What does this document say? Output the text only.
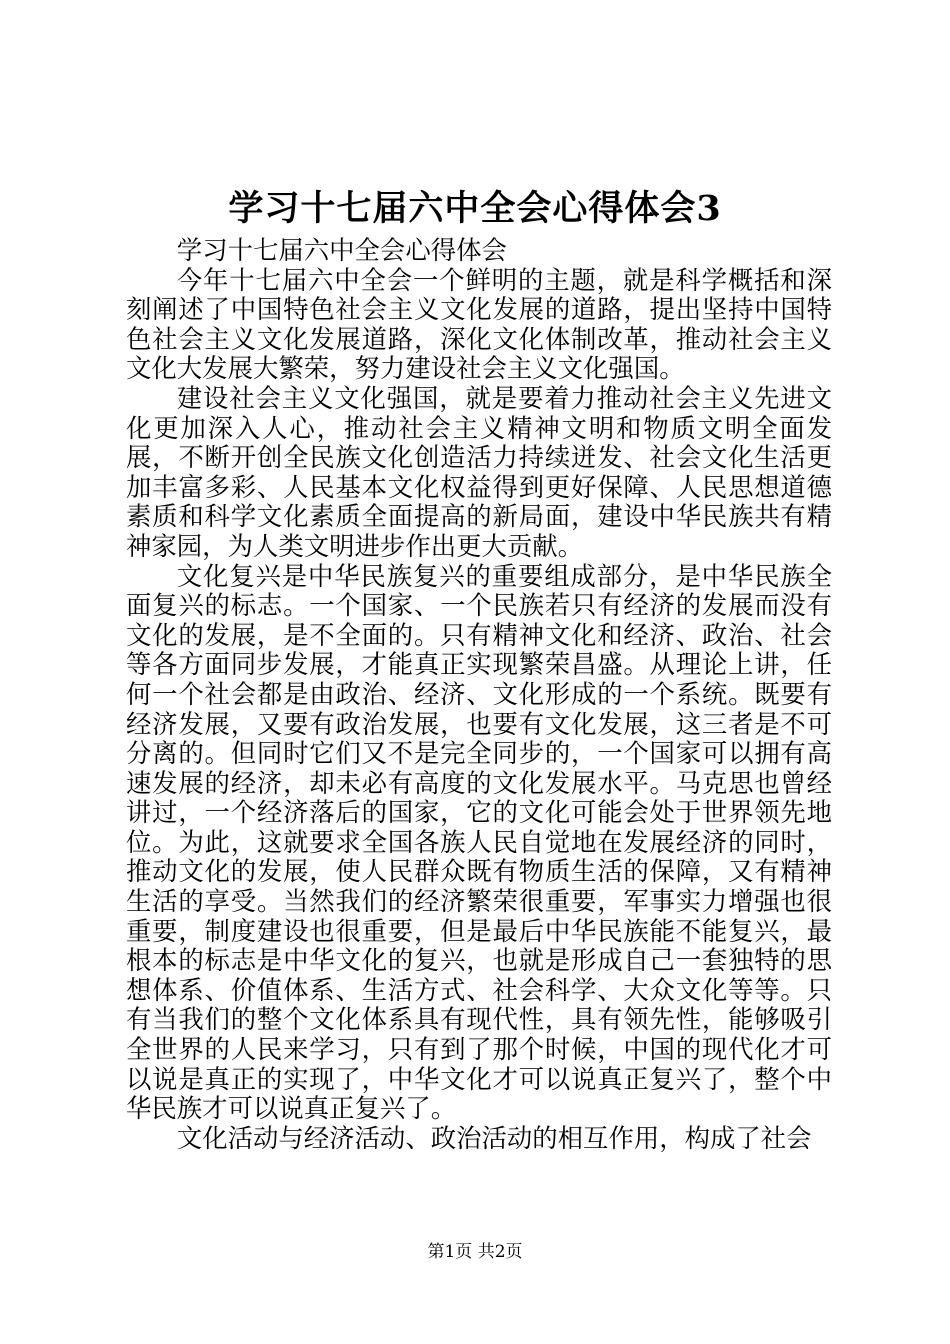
学习十七届六中全会心得体会3

学习十七届六中全会心得体会

今年十七届六中全会一个鲜明的主题，就是科学概括和深刻阐述了中国特色社会主义文化发展的道路，提出坚持中国特色社会主义文化发展道路，深化文化体制改革，推动社会主义文化大发展大繁荣，努力建设社会主义文化强国。

建设社会主义文化强国，就是要着力推动社会主义先进文化更加深入人心，推动社会主义精神文明和物质文明全面发展，不断开创全民族文化创造活力持续迸发、社会文化生活更加丰富多彩、人民基本文化权益得到更好保障、人民思想道德素质和科学文化素质全面提高的新局面，建设中华民族共有精神家园，为人类文明进步作出更大贡献。

文化复兴是中华民族复兴的重要组成部分，是中华民族全面复兴的标志。一个国家、一个民族若只有经济的发展而没有文化的发展，是不全面的。只有精神文化和经济、政治、社会等各方面同步发展，才能真正实现繁荣昌盛。从理论上讲，任何一个社会都是由政治、经济、文化形成的一个系统。既要有经济发展，又要有政治发展，也要有文化发展，这三者是不可分离的。但同时它们又不是完全同步的，一个国家可以拥有高速发展的经济，却未必有高度的文化发展水平。马克思也曾经讲过，一个经济落后的国家，它的文化可能会处于世界领先地位。为此，这就要求全国各族人民自觉地在发展经济的同时，推动文化的发展，使人民群众既有物质生活的保障，又有精神生活的享受。当然我们的经济繁荣很重要，军事实力增强也很重要，制度建设也很重要，但是最后中华民族能不能复兴，最根本的标志是中华文化的复兴，也就是形成自己一套独特的思想体系、价值体系、生活方式、社会科学、大众文化等等。只有当我们的整个文化体系具有现代性，具有领先性，能够吸引全世界的人民来学习，只有到了那个时候，中国的现代化才可以说是真正的实现了，中华文化才可以说真正复兴了，整个中华民族才可以说真正复兴了。

文化活动与经济活动、政治活动的相互作用，构成了社会

第1页 共2页
